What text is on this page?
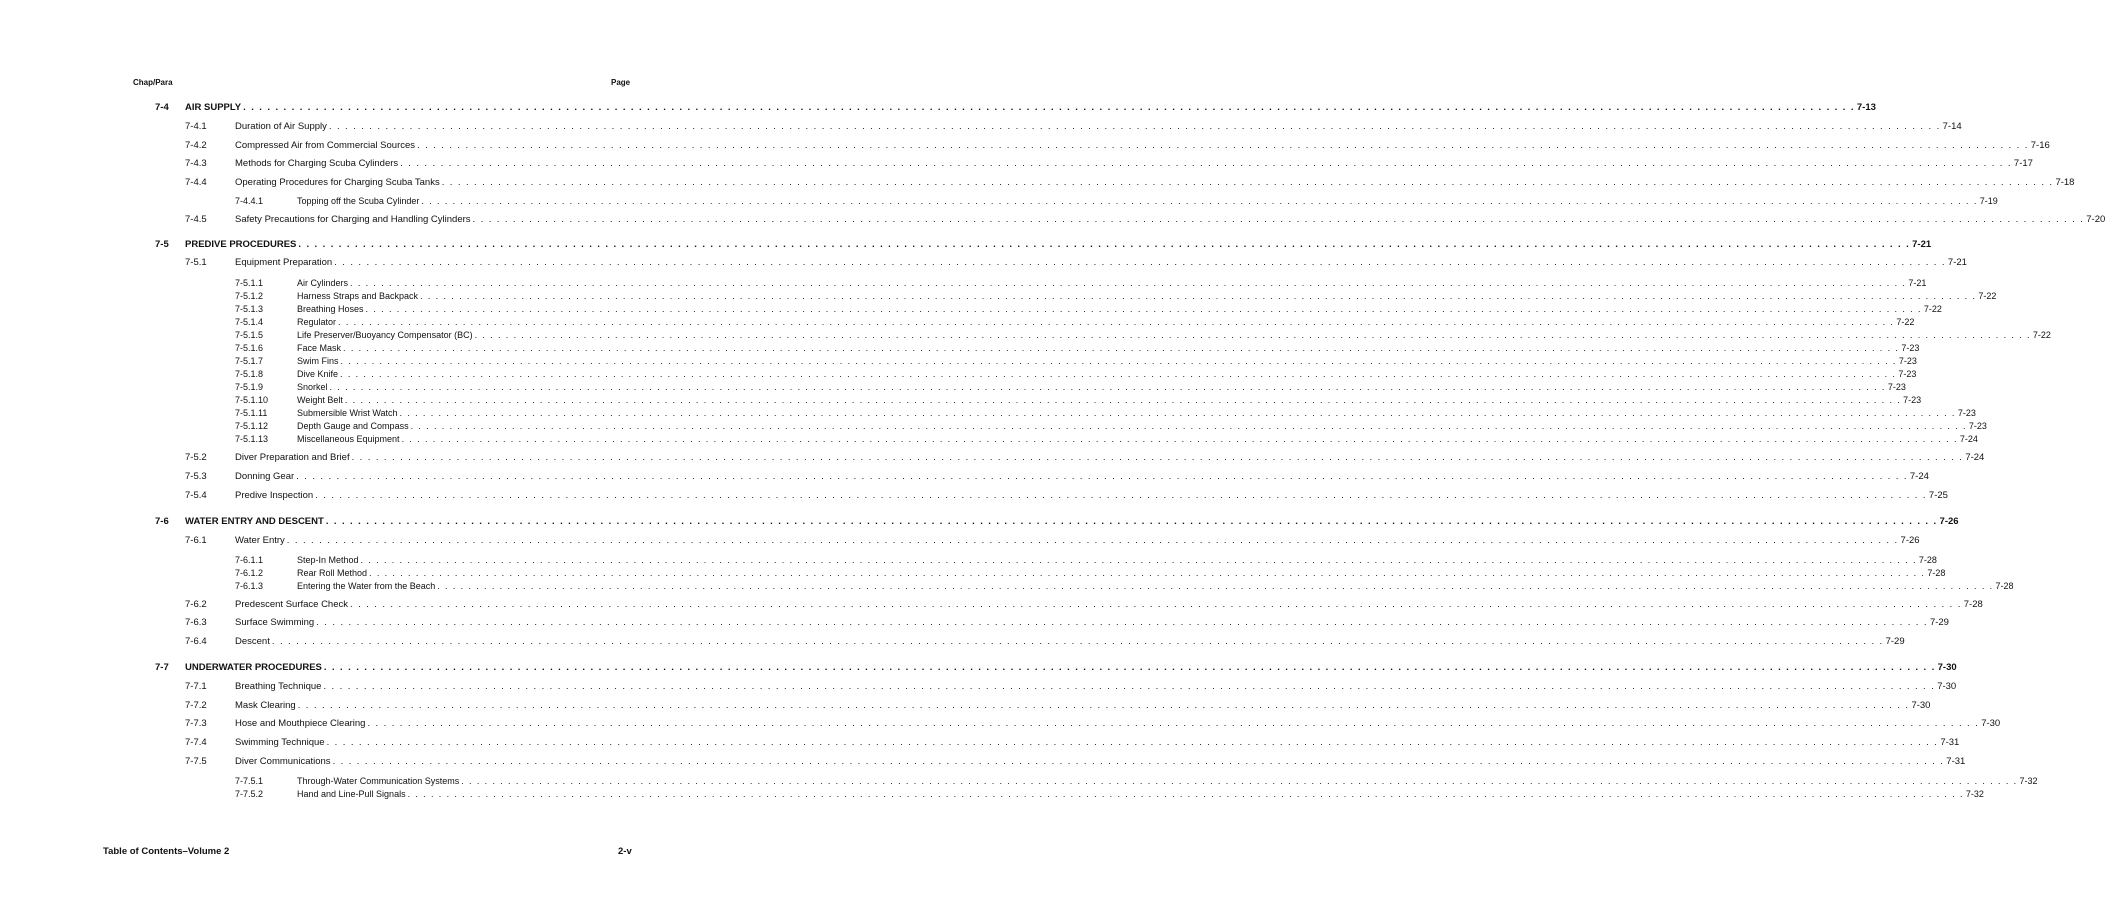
Chap/Para	Page
7-4 AIR SUPPLY . . . . . . . . . . . . . . . . . . . . . . . . . . . . . . . . . . . . . . . . . . . . . . . . . . . . . . . . . . . . . . . . . . . . . . . . . . . . . . . . . . . . . . . . . . . . . . . . . . . . . . . . . . . . . . . . . . . . . . . . . . . . . . . . . . . . . . . . . . . . . . . . . . . . . . . . . . . . . . . . . . . . . . . . . . . . . . . . . . . . . . . . . . . . . . . . . . . . . . . . 7-13
7-4.1	Duration of Air Supply . . . . . . . . . . . . . . . . . . . . . . . . . . . . . . . . . . . . . . . . . . . . . . . . . . . . . . . . . . . . . . . . . . . . . . . . . . . . . . . . . . . . . . . . . . . . . . . . . . . . . . . . . . . . . . . . . . . . . . . . . . . . . . . . . . . . . . . . . . . . . . . . . . . . . . . . . . . . . . . . . . . . . . . . . . . . . . . . . . . . . . . . . . . . . . . . . . . . . . . . 7-14
7-4.2	Compressed Air from Commercial Sources . . . . . . . . . . . . . . . . . . . . . . . . . . . . . . . . . . . . . . . . . . . . . . . . . . . . . . . . . . . . . . . . . . . . . . . . . . . . . . . . . . . . . . . . . . . . . . . . . . . . . . . . . . . . . . . . . . . . . . . . . . . . . . . . . . . . . . . . . . . . . . . . . . . . . . . . . . . . . . . . . . . . . . . . . . . . . . . . . . . . . . . . . . . . . . . . . . . . . . . . 7-16
7-4.3	Methods for Charging Scuba Cylinders . . . . . . . . . . . . . . . . . . . . . . . . . . . . . . . . . . . . . . . . . . . . . . . . . . . . . . . . . . . . . . . . . . . . . . . . . . . . . . . . . . . . . . . . . . . . . . . . . . . . . . . . . . . . . . . . . . . . . . . . . . . . . . . . . . . . . . . . . . . . . . . . . . . . . . . . . . . . . . . . . . . . . . . . . . . . . . . . . . . . . . . . . . . . . . . . . . . . . . . . 7-17
7-4.4	Operating Procedures for Charging Scuba Tanks . . . . . . . . . . . . . . . . . . . . . . . . . . . . . . . . . . . . . . . . . . . . . . . . . . . . . . . . . . . . . . . . . . . . . . . . . . . . . . . . . . . . . . . . . . . . . . . . . . . . . . . . . . . . . . . . . . . . . . . . . . . . . . . . . . . . . . . . . . . . . . . . . . . . . . . . . . . . . . . . . . . . . . . . . . . . . . . . . . . . . . . . . . . . . . . . . . . . . . . . 7-18
7-4.4.1	Topping off the Scuba Cylinder . . . . . . . . . . . . . . . . . . . . . . . . . . . . . . . . . . . . . . . . . . . . . . . . . . . . . . . . . . . . . . . . . . . . . . . . . . . . . . . . . . . . . . . . . . . . . . . . . . . . . . . . . . . . . . . . . . . . . . . . . . . . . . . . . . . . . . . . . . . . . . . . . . . . . . . . . . . . . . . . . . . . . . . . . . . . . . . . . . . . . . . . . . . . . . . . . . . . . . . . 7-19
7-4.5	Safety Precautions for Charging and Handling Cylinders . . . . . . . . . . . . . . . . . . . . . . . . . . . . . . . . . . . . . . . . . . . . . . . . . . . . . . . . . . . . . . . . . . . . . . . . . . . . . . . . . . . . . . . . . . . . . . . . . . . . . . . . . . . . . . . . . . . . . . . . . . . . . . . . . . . . . . . . . . . . . . . . . . . . . . . . . . . . . . . . . . . . . . . . . . . . . . . . . . . . . . . . . . . . . . . . . . . . . . . . 7-20
7-5 PREDIVE PROCEDURES . . . . . . . . . . . . . . . . . . . . . . . . . . . . . . . . . . . . . . . . . . . . . . . . . . . . . . . . . . . . . . . . . . . . . . . . . . . . . . . . . . . . . . . . . . . . . . . . . . . . . . . . . . . . . . . . . . . . . . . . . . . . . . . . . . . . . . . . . . . . . . . . . . . . . . . . . . . . . . . . . . . . . . . . . . . . . . . . . . . . . . . . . . . . . . . . . . . . . . . . 7-21
7-5.1	Equipment Preparation . . . . . . . . . . . . . . . . . . . . . . . . . . . . . . . . . . . . . . . . . . . . . . . . . . . . . . . . . . . . . . . . . . . . . . . . . . . . . . . . . . . . . . . . . . . . . . . . . . . . . . . . . . . . . . . . . . . . . . . . . . . . . . . . . . . . . . . . . . . . . . . . . . . . . . . . . . . . . . . . . . . . . . . . . . . . . . . . . . . . . . . . . . . . . . . . . . . . . . . . 7-21
7-5.1.1	Air Cylinders . . . . . . . . . . . . . . . . . . . . . . . . . . . . . . . . . . . . . . . . . . . . . . . . . . . . . . . . . . . . . . . . . . . . . . . . . . . . . . . . . . . . . . . . . . . . . . . . . . . . . . . . . . . . . . . . . . . . . . . . . . . . . . . . . . . . . . . . . . . . . . . . . . . . . . . . . . . . . . . . . . . . . . . . . . . . . . . . . . . . . . . . . . . . . . . . . . . . . . . . 7-21
7-5.1.2	Harness Straps and Backpack . . . . . . . . . . . . . . . . . . . . . . . . . . . . . . . . . . . . . . . . . . . . . . . . . . . . . . . . . . . . . . . . . . . . . . . . . . . . . . . . . . . . . . . . . . . . . . . . . . . . . . . . . . . . . . . . . . . . . . . . . . . . . . . . . . . . . . . . . . . . . . . . . . . . . . . . . . . . . . . . . . . . . . . . . . . . . . . . . . . . . . . . . . . . . . . . . . . . . . . . 7-22
7-5.1.3	Breathing Hoses . . . . . . . . . . . . . . . . . . . . . . . . . . . . . . . . . . . . . . . . . . . . . . . . . . . . . . . . . . . . . . . . . . . . . . . . . . . . . . . . . . . . . . . . . . . . . . . . . . . . . . . . . . . . . . . . . . . . . . . . . . . . . . . . . . . . . . . . . . . . . . . . . . . . . . . . . . . . . . . . . . . . . . . . . . . . . . . . . . . . . . . . . . . . . . . . . . . . . . . . 7-22
7-5.1.4	Regulator . . . . . . . . . . . . . . . . . . . . . . . . . . . . . . . . . . . . . . . . . . . . . . . . . . . . . . . . . . . . . . . . . . . . . . . . . . . . . . . . . . . . . . . . . . . . . . . . . . . . . . . . . . . . . . . . . . . . . . . . . . . . . . . . . . . . . . . . . . . . . . . . . . . . . . . . . . . . . . . . . . . . . . . . . . . . . . . . . . . . . . . . . . . . . . . . . . . . . . . . 7-22
7-5.1.5	Life Preserver/Buoyancy Compensator (BC) . . . . . . . . . . . . . . . . . . . . . . . . . . . . . . . . . . . . . . . . . . . . . . . . . . . . . . . . . . . . . . . . . . . . . . . . . . . . . . . . . . . . . . . . . . . . . . . . . . . . . . . . . . . . . . . . . . . . . . . . . . . . . . . . . . . . . . . . . . . . . . . . . . . . . . . . . . . . . . . . . . . . . . . . . . . . . . . . . . . . . . . . . . . . . . . . . . . . . . . . 7-22
7-5.1.6	Face Mask . . . . . . . . . . . . . . . . . . . . . . . . . . . . . . . . . . . . . . . . . . . . . . . . . . . . . . . . . . . . . . . . . . . . . . . . . . . . . . . . . . . . . . . . . . . . . . . . . . . . . . . . . . . . . . . . . . . . . . . . . . . . . . . . . . . . . . . . . . . . . . . . . . . . . . . . . . . . . . . . . . . . . . . . . . . . . . . . . . . . . . . . . . . . . . . . . . . . . . . . 7-23
7-5.1.7	Swim Fins . . . . . . . . . . . . . . . . . . . . . . . . . . . . . . . . . . . . . . . . . . . . . . . . . . . . . . . . . . . . . . . . . . . . . . . . . . . . . . . . . . . . . . . . . . . . . . . . . . . . . . . . . . . . . . . . . . . . . . . . . . . . . . . . . . . . . . . . . . . . . . . . . . . . . . . . . . . . . . . . . . . . . . . . . . . . . . . . . . . . . . . . . . . . . . . . . . . . . . . . 7-23
7-5.1.8	Dive Knife . . . . . . . . . . . . . . . . . . . . . . . . . . . . . . . . . . . . . . . . . . . . . . . . . . . . . . . . . . . . . . . . . . . . . . . . . . . . . . . . . . . . . . . . . . . . . . . . . . . . . . . . . . . . . . . . . . . . . . . . . . . . . . . . . . . . . . . . . . . . . . . . . . . . . . . . . . . . . . . . . . . . . . . . . . . . . . . . . . . . . . . . . . . . . . . . . . . . . . . . 7-23
7-5.1.9	Snorkel . . . . . . . . . . . . . . . . . . . . . . . . . . . . . . . . . . . . . . . . . . . . . . . . . . . . . . . . . . . . . . . . . . . . . . . . . . . . . . . . . . . . . . . . . . . . . . . . . . . . . . . . . . . . . . . . . . . . . . . . . . . . . . . . . . . . . . . . . . . . . . . . . . . . . . . . . . . . . . . . . . . . . . . . . . . . . . . . . . . . . . . . . . . . . . . . . . . . . . . . 7-23
7-5.1.10	Weight Belt . . . . . . . . . . . . . . . . . . . . . . . . . . . . . . . . . . . . . . . . . . . . . . . . . . . . . . . . . . . . . . . . . . . . . . . . . . . . . . . . . . . . . . . . . . . . . . . . . . . . . . . . . . . . . . . . . . . . . . . . . . . . . . . . . . . . . . . . . . . . . . . . . . . . . . . . . . . . . . . . . . . . . . . . . . . . . . . . . . . . . . . . . . . . . . . . . . . . . . . . 7-23
7-5.1.11	Submersible Wrist Watch . . . . . . . . . . . . . . . . . . . . . . . . . . . . . . . . . . . . . . . . . . . . . . . . . . . . . . . . . . . . . . . . . . . . . . . . . . . . . . . . . . . . . . . . . . . . . . . . . . . . . . . . . . . . . . . . . . . . . . . . . . . . . . . . . . . . . . . . . . . . . . . . . . . . . . . . . . . . . . . . . . . . . . . . . . . . . . . . . . . . . . . . . . . . . . . . . . . . . . . . 7-23
7-5.1.12	Depth Gauge and Compass . . . . . . . . . . . . . . . . . . . . . . . . . . . . . . . . . . . . . . . . . . . . . . . . . . . . . . . . . . . . . . . . . . . . . . . . . . . . . . . . . . . . . . . . . . . . . . . . . . . . . . . . . . . . . . . . . . . . . . . . . . . . . . . . . . . . . . . . . . . . . . . . . . . . . . . . . . . . . . . . . . . . . . . . . . . . . . . . . . . . . . . . . . . . . . . . . . . . . . . . 7-23
7-5.1.13	Miscellaneous Equipment . . . . . . . . . . . . . . . . . . . . . . . . . . . . . . . . . . . . . . . . . . . . . . . . . . . . . . . . . . . . . . . . . . . . . . . . . . . . . . . . . . . . . . . . . . . . . . . . . . . . . . . . . . . . . . . . . . . . . . . . . . . . . . . . . . . . . . . . . . . . . . . . . . . . . . . . . . . . . . . . . . . . . . . . . . . . . . . . . . . . . . . . . . . . . . . . . . . . . . . . 7-24
7-5.2	Diver Preparation and Brief . . . . . . . . . . . . . . . . . . . . . . . . . . . . . . . . . . . . . . . . . . . . . . . . . . . . . . . . . . . . . . . . . . . . . . . . . . . . . . . . . . . . . . . . . . . . . . . . . . . . . . . . . . . . . . . . . . . . . . . . . . . . . . . . . . . . . . . . . . . . . . . . . . . . . . . . . . . . . . . . . . . . . . . . . . . . . . . . . . . . . . . . . . . . . . . . . . . . . . . . 7-24
7-5.3	Donning Gear . . . . . . . . . . . . . . . . . . . . . . . . . . . . . . . . . . . . . . . . . . . . . . . . . . . . . . . . . . . . . . . . . . . . . . . . . . . . . . . . . . . . . . . . . . . . . . . . . . . . . . . . . . . . . . . . . . . . . . . . . . . . . . . . . . . . . . . . . . . . . . . . . . . . . . . . . . . . . . . . . . . . . . . . . . . . . . . . . . . . . . . . . . . . . . . . . . . . . . . . 7-24
7-5.4	Predive Inspection . . . . . . . . . . . . . . . . . . . . . . . . . . . . . . . . . . . . . . . . . . . . . . . . . . . . . . . . . . . . . . . . . . . . . . . . . . . . . . . . . . . . . . . . . . . . . . . . . . . . . . . . . . . . . . . . . . . . . . . . . . . . . . . . . . . . . . . . . . . . . . . . . . . . . . . . . . . . . . . . . . . . . . . . . . . . . . . . . . . . . . . . . . . . . . . . . . . . . . . . 7-25
7-6 WATER ENTRY AND DESCENT . . . . . . . . . . . . . . . . . . . . . . . . . . . . . . . . . . . . . . . . . . . . . . . . . . . . . . . . . . . . . . . . . . . . . . . . . . . . . . . . . . . . . . . . . . . . . . . . . . . . . . . . . . . . . . . . . . . . . . . . . . . . . . . . . . . . . . . . . . . . . . . . . . . . . . . . . . . . . . . . . . . . . . . . . . . . . . . . . . . . . . . . . . . . . . . . . . . . . . . . 7-26
7-6.1	Water Entry . . . . . . . . . . . . . . . . . . . . . . . . . . . . . . . . . . . . . . . . . . . . . . . . . . . . . . . . . . . . . . . . . . . . . . . . . . . . . . . . . . . . . . . . . . . . . . . . . . . . . . . . . . . . . . . . . . . . . . . . . . . . . . . . . . . . . . . . . . . . . . . . . . . . . . . . . . . . . . . . . . . . . . . . . . . . . . . . . . . . . . . . . . . . . . . . . . . . . . . . 7-26
7-6.1.1	Step-In Method . . . . . . . . . . . . . . . . . . . . . . . . . . . . . . . . . . . . . . . . . . . . . . . . . . . . . . . . . . . . . . . . . . . . . . . . . . . . . . . . . . . . . . . . . . . . . . . . . . . . . . . . . . . . . . . . . . . . . . . . . . . . . . . . . . . . . . . . . . . . . . . . . . . . . . . . . . . . . . . . . . . . . . . . . . . . . . . . . . . . . . . . . . . . . . . . . . . . . . . . 7-28
7-6.1.2	Rear Roll Method . . . . . . . . . . . . . . . . . . . . . . . . . . . . . . . . . . . . . . . . . . . . . . . . . . . . . . . . . . . . . . . . . . . . . . . . . . . . . . . . . . . . . . . . . . . . . . . . . . . . . . . . . . . . . . . . . . . . . . . . . . . . . . . . . . . . . . . . . . . . . . . . . . . . . . . . . . . . . . . . . . . . . . . . . . . . . . . . . . . . . . . . . . . . . . . . . . . . . . . . 7-28
7-6.1.3	Entering the Water from the Beach . . . . . . . . . . . . . . . . . . . . . . . . . . . . . . . . . . . . . . . . . . . . . . . . . . . . . . . . . . . . . . . . . . . . . . . . . . . . . . . . . . . . . . . . . . . . . . . . . . . . . . . . . . . . . . . . . . . . . . . . . . . . . . . . . . . . . . . . . . . . . . . . . . . . . . . . . . . . . . . . . . . . . . . . . . . . . . . . . . . . . . . . . . . . . . . . . . . . . . . . 7-28
7-6.2	Predescent Surface Check . . . . . . . . . . . . . . . . . . . . . . . . . . . . . . . . . . . . . . . . . . . . . . . . . . . . . . . . . . . . . . . . . . . . . . . . . . . . . . . . . . . . . . . . . . . . . . . . . . . . . . . . . . . . . . . . . . . . . . . . . . . . . . . . . . . . . . . . . . . . . . . . . . . . . . . . . . . . . . . . . . . . . . . . . . . . . . . . . . . . . . . . . . . . . . . . . . . . . . . . 7-28
7-6.3	Surface Swimming . . . . . . . . . . . . . . . . . . . . . . . . . . . . . . . . . . . . . . . . . . . . . . . . . . . . . . . . . . . . . . . . . . . . . . . . . . . . . . . . . . . . . . . . . . . . . . . . . . . . . . . . . . . . . . . . . . . . . . . . . . . . . . . . . . . . . . . . . . . . . . . . . . . . . . . . . . . . . . . . . . . . . . . . . . . . . . . . . . . . . . . . . . . . . . . . . . . . . . . . 7-29
7-6.4	Descent . . . . . . . . . . . . . . . . . . . . . . . . . . . . . . . . . . . . . . . . . . . . . . . . . . . . . . . . . . . . . . . . . . . . . . . . . . . . . . . . . . . . . . . . . . . . . . . . . . . . . . . . . . . . . . . . . . . . . . . . . . . . . . . . . . . . . . . . . . . . . . . . . . . . . . . . . . . . . . . . . . . . . . . . . . . . . . . . . . . . . . . . . . . . . . . . . . . . . . . . 7-29
7-7 UNDERWATER PROCEDURES . . . . . . . . . . . . . . . . . . . . . . . . . . . . . . . . . . . . . . . . . . . . . . . . . . . . . . . . . . . . . . . . . . . . . . . . . . . . . . . . . . . . . . . . . . . . . . . . . . . . . . . . . . . . . . . . . . . . . . . . . . . . . . . . . . . . . . . . . . . . . . . . . . . . . . . . . . . . . . . . . . . . . . . . . . . . . . . . . . . . . . . . . . . . . . . . . . . . . . . . 7-30
7-7.1	Breathing Technique . . . . . . . . . . . . . . . . . . . . . . . . . . . . . . . . . . . . . . . . . . . . . . . . . . . . . . . . . . . . . . . . . . . . . . . . . . . . . . . . . . . . . . . . . . . . . . . . . . . . . . . . . . . . . . . . . . . . . . . . . . . . . . . . . . . . . . . . . . . . . . . . . . . . . . . . . . . . . . . . . . . . . . . . . . . . . . . . . . . . . . . . . . . . . . . . . . . . . . . . 7-30
7-7.2	Mask Clearing . . . . . . . . . . . . . . . . . . . . . . . . . . . . . . . . . . . . . . . . . . . . . . . . . . . . . . . . . . . . . . . . . . . . . . . . . . . . . . . . . . . . . . . . . . . . . . . . . . . . . . . . . . . . . . . . . . . . . . . . . . . . . . . . . . . . . . . . . . . . . . . . . . . . . . . . . . . . . . . . . . . . . . . . . . . . . . . . . . . . . . . . . . . . . . . . . . . . . . . . 7-30
7-7.3	Hose and Mouthpiece Clearing . . . . . . . . . . . . . . . . . . . . . . . . . . . . . . . . . . . . . . . . . . . . . . . . . . . . . . . . . . . . . . . . . . . . . . . . . . . . . . . . . . . . . . . . . . . . . . . . . . . . . . . . . . . . . . . . . . . . . . . . . . . . . . . . . . . . . . . . . . . . . . . . . . . . . . . . . . . . . . . . . . . . . . . . . . . . . . . . . . . . . . . . . . . . . . . . . . . . . . . . 7-30
7-7.4	Swimming Technique . . . . . . . . . . . . . . . . . . . . . . . . . . . . . . . . . . . . . . . . . . . . . . . . . . . . . . . . . . . . . . . . . . . . . . . . . . . . . . . . . . . . . . . . . . . . . . . . . . . . . . . . . . . . . . . . . . . . . . . . . . . . . . . . . . . . . . . . . . . . . . . . . . . . . . . . . . . . . . . . . . . . . . . . . . . . . . . . . . . . . . . . . . . . . . . . . . . . . . . . 7-31
7-7.5	Diver Communications . . . . . . . . . . . . . . . . . . . . . . . . . . . . . . . . . . . . . . . . . . . . . . . . . . . . . . . . . . . . . . . . . . . . . . . . . . . . . . . . . . . . . . . . . . . . . . . . . . . . . . . . . . . . . . . . . . . . . . . . . . . . . . . . . . . . . . . . . . . . . . . . . . . . . . . . . . . . . . . . . . . . . . . . . . . . . . . . . . . . . . . . . . . . . . . . . . . . . . . . 7-31
7-7.5.1	Through-Water Communication Systems . . . . . . . . . . . . . . . . . . . . . . . . . . . . . . . . . . . . . . . . . . . . . . . . . . . . . . . . . . . . . . . . . . . . . . . . . . . . . . . . . . . . . . . . . . . . . . . . . . . . . . . . . . . . . . . . . . . . . . . . . . . . . . . . . . . . . . . . . . . . . . . . . . . . . . . . . . . . . . . . . . . . . . . . . . . . . . . . . . . . . . . . . . . . . . . . . . . . . . . . 7-32
7-7.5.2	Hand and Line-Pull Signals . . . . . . . . . . . . . . . . . . . . . . . . . . . . . . . . . . . . . . . . . . . . . . . . . . . . . . . . . . . . . . . . . . . . . . . . . . . . . . . . . . . . . . . . . . . . . . . . . . . . . . . . . . . . . . . . . . . . . . . . . . . . . . . . . . . . . . . . . . . . . . . . . . . . . . . . . . . . . . . . . . . . . . . . . . . . . . . . . . . . . . . . . . . . . . . . . . . . . . . . 7-32
Table of Contents–Volume 2	2-v
